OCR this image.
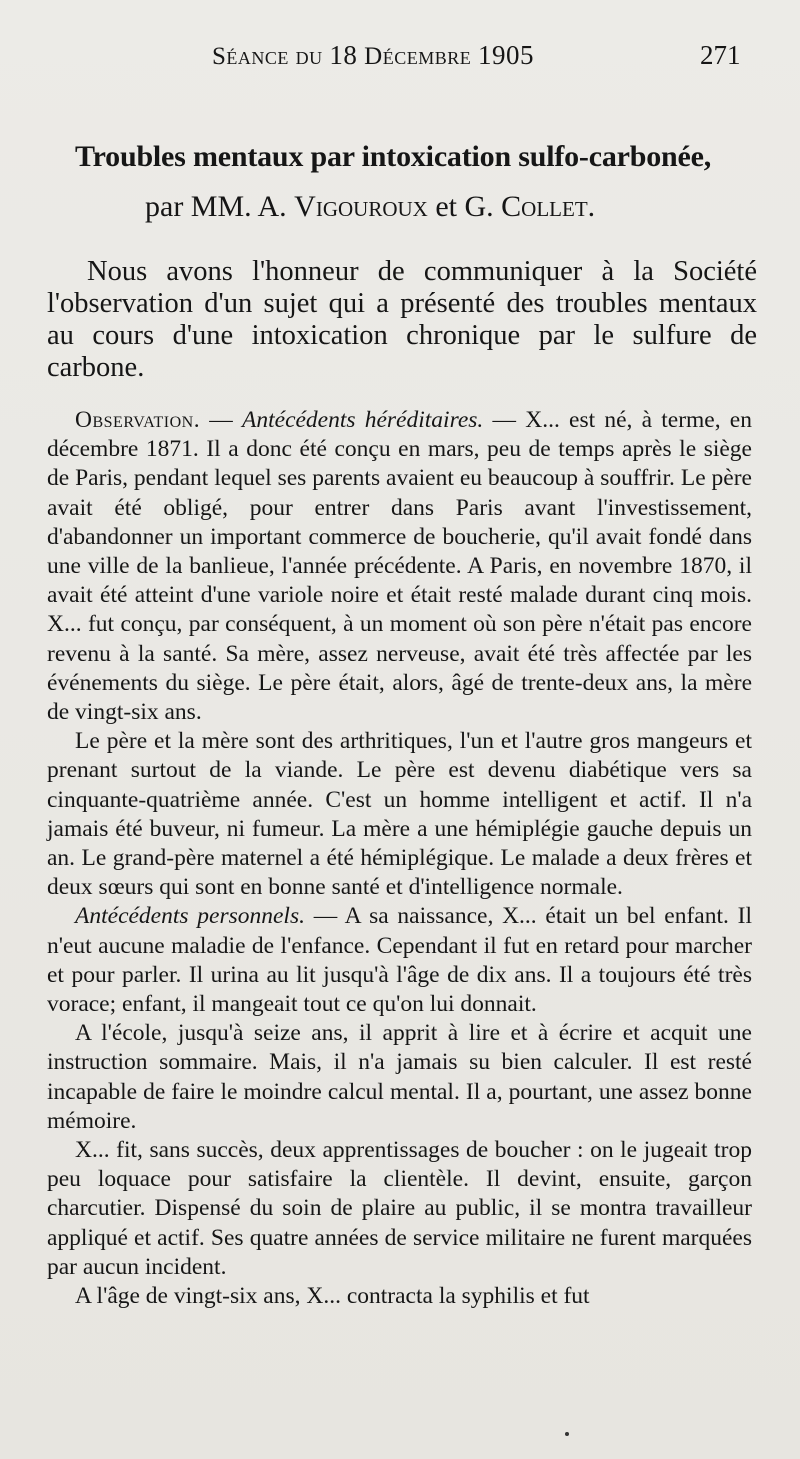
Séance du 18 Décembre 1905	271
Troubles mentaux par intoxication sulfo-carbonée,
par MM. A. Vigouroux et G. Collet.

Nous avons l'honneur de communiquer à la Société l'observation d'un sujet qui a présenté des troubles mentaux au cours d'une intoxication chronique par le sulfure de carbone.

Observation. — Antécédents héréditaires. — X... est né, à terme, en décembre 1871. Il a donc été conçu en mars, peu de temps après le siège de Paris, pendant lequel ses parents avaient eu beaucoup à souffrir. Le père avait été obligé, pour entrer dans Paris avant l'investissement, d'abandonner un important commerce de boucherie, qu'il avait fondé dans une ville de la banlieue, l'année précédente. A Paris, en novembre 1870, il avait été atteint d'une variole noire et était resté malade durant cinq mois. X... fut conçu, par conséquent, à un moment où son père n'était pas encore revenu à la santé. Sa mère, assez nerveuse, avait été très affectée par les événements du siège. Le père était, alors, âgé de trente-deux ans, la mère de vingt-six ans.

Le père et la mère sont des arthritiques, l'un et l'autre gros mangeurs et prenant surtout de la viande. Le père est devenu diabétique vers sa cinquante-quatrième année. C'est un homme intelligent et actif. Il n'a jamais été buveur, ni fumeur. La mère a une hémiplégie gauche depuis un an. Le grand-père maternel a été hémiplégique. Le malade a deux frères et deux sœurs qui sont en bonne santé et d'intelligence normale.

Antécédents personnels. — A sa naissance, X... était un bel enfant. Il n'eut aucune maladie de l'enfance. Cependant il fut en retard pour marcher et pour parler. Il urina au lit jusqu'à l'âge de dix ans. Il a toujours été très vorace; enfant, il mangeait tout ce qu'on lui donnait.

A l'école, jusqu'à seize ans, il apprit à lire et à écrire et acquit une instruction sommaire. Mais, il n'a jamais su bien calculer. Il est resté incapable de faire le moindre calcul mental. Il a, pourtant, une assez bonne mémoire.

X... fit, sans succès, deux apprentissages de boucher : on le jugeait trop peu loquace pour satisfaire la clientèle. Il devint, ensuite, garçon charcutier. Dispensé du soin de plaire au public, il se montra travailleur appliqué et actif. Ses quatre années de service militaire ne furent marquées par aucun incident.

A l'âge de vingt-six ans, X... contracta la syphilis et fut
